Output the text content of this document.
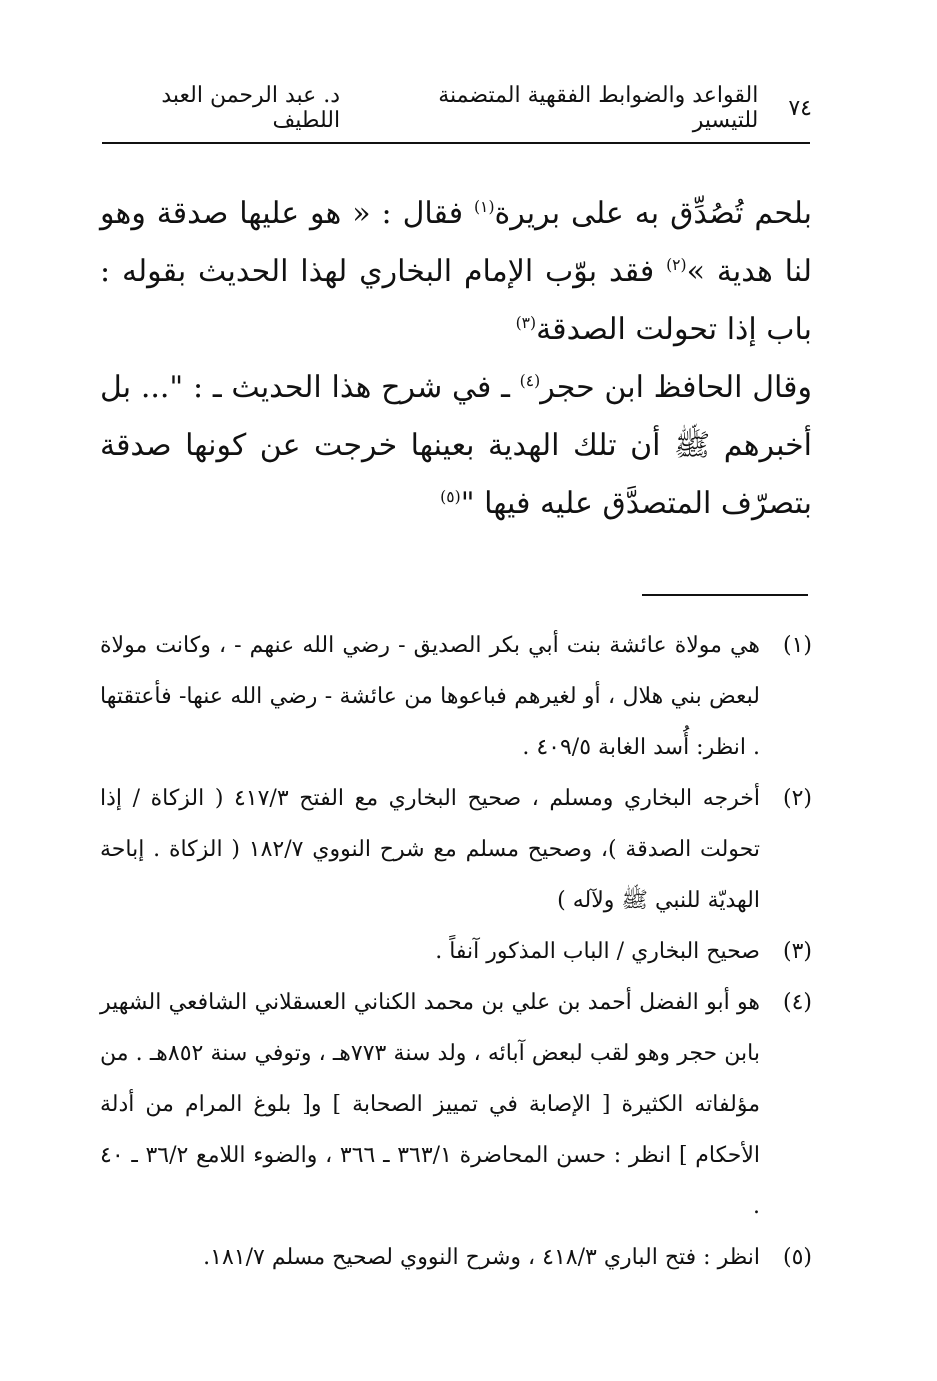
٧٤
القواعد والضوابط الفقهية المتضمنة للتيسير
د. عبد الرحمن العبد اللطيف

بلحم تُصُدِّق به على بريرة$^{(١)}$ فقال : « هو عليها صدقة وهو لنا هدية »$^{(٢)}$ فقد بوّب الإمام البخاري لهذا الحديث بقوله : باب إذا تحولت الصدقة$^{(٣)}$

وقال الحافظ ابن حجر$^{(٤)}$ ـ في شرح هذا الحديث ـ : "... بل أخبرهم ﷺ أن تلك الهدية بعينها خرجت عن كونها صدقة بتصرّف المتصدَّق عليه فيها "$^{(٥)}$

(١)
هي مولاة عائشة بنت أبي بكر الصديق - رضي الله عنهم - ، وكانت مولاة لبعض بني هلال ، أو لغيرهم فباعوها من عائشة - رضي الله عنها- فأعتقتها . انظر: أُسد الغابة ٤٠٩/٥ .
(٢)
أخرجه البخاري ومسلم ، صحيح البخاري مع الفتح ٤١٧/٣ ( الزكاة / إذا تحولت الصدقة )، وصحيح مسلم مع شرح النووي ١٨٢/٧ ( الزكاة . إباحة الهديّة للنبي ﷺ ولآله )
(٣)
صحيح البخاري / الباب المذكور آنفاً .
(٤)
هو أبو الفضل أحمد بن علي بن محمد الكناني العسقلاني الشافعي الشهير بابن حجر وهو لقب لبعض آبائه ، ولد سنة ٧٧٣هـ ، وتوفي سنة ٨٥٢هـ . من مؤلفاته الكثيرة [ الإصابة في تمييز الصحابة ] و[ بلوغ المرام من أدلة الأحكام ] انظر : حسن المحاضرة ٣٦٣/١ ـ ٣٦٦ ، والضوء اللامع ٣٦/٢ ـ ٤٠ .
(٥)
انظر : فتح الباري ٤١٨/٣ ، وشرح النووي لصحيح مسلم ١٨١/٧.
